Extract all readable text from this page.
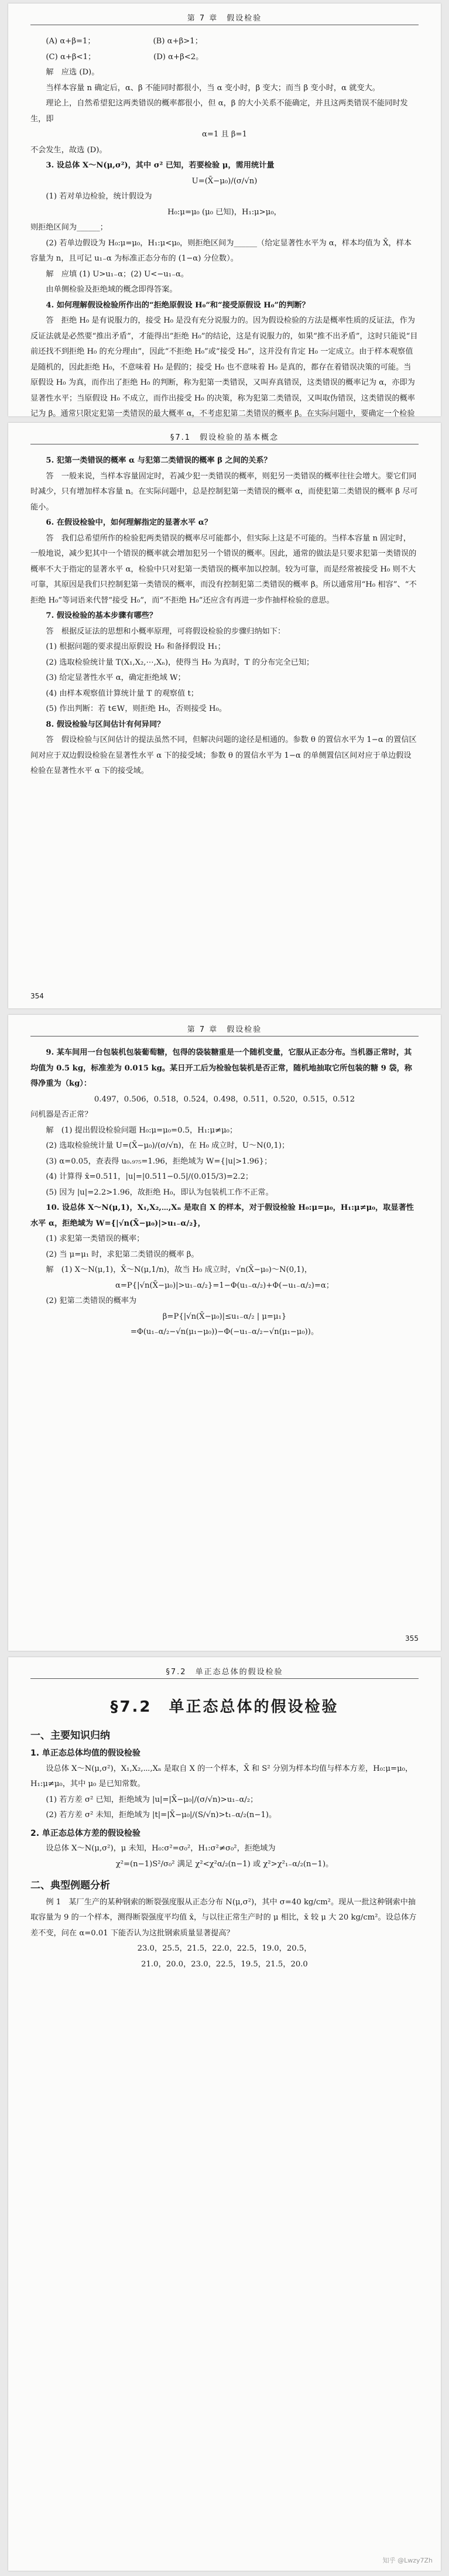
第 7 章　假设检验

(A) α+β=1；　　　　　　　　(B) α+β>1；

(C) α+β<1；　　　　　　　　(D) α+β<2。

解　应选 (D)。

当样本容量 n 确定后，α、β 不能同时都很小，当 α 变小时，β 变大；而当 β 变小时，α 就变大。

理论上，自然希望犯这两类错误的概率都很小，但 α，β 的大小关系不能确定，并且这两类错误不能同时发生，即

α=1 且 β=1

不会发生，故选 (D)。

3. 设总体 X～N(μ,σ²)，其中 σ² 已知，若要检验 μ，需用统计量

U=(X̄−μ₀)/(σ/√n)

(1) 若对单边检验，统计假设为

H₀:μ=μ₀ (μ₀ 已知)，H₁:μ>μ₀，

则拒绝区间为______；

(2) 若单边假设为 H₀:μ=μ₀，H₁:μ<μ₀，则拒绝区间为______（给定显著性水平为 α，样本均值为 X̄，样本容量为 n，且可记 u₁₋α 为标准正态分布的 (1−α) 分位数）。

解　应填 (1) U>u₁₋α；(2) U<−u₁₋α。

由单侧检验及拒绝域的概念即得答案。

4. 如何理解假设检验所作出的“拒绝原假设 H₀”和“接受原假设 H₀”的判断？

答　拒绝 H₀ 是有说服力的，接受 H₀ 是没有充分说服力的。因为假设检验的方法是概率性质的反证法，作为反证法就是必然要“推出矛盾”，才能得出“拒绝 H₀”的结论，这是有说服力的，如果“推不出矛盾”，这时只能说“目前还找不到拒绝 H₀ 的充分理由”，因此“不拒绝 H₀”或“接受 H₀”，这并没有肯定 H₀ 一定成立。由于样本观察值是随机的，因此拒绝 H₀，不意味着 H₀ 是假的；接受 H₀ 也不意味着 H₀ 是真的，都存在着错误决策的可能。当原假设 H₀ 为真，而作出了拒绝 H₀ 的判断，称为犯第一类错误，又叫弃真错误，这类错误的概率记为 α，亦即为显著性水平；当原假设 H₀ 不成立，而作出接受 H₀ 的决策，称为犯第二类错误，又叫取伪错误，这类错误的概率记为 β。通常只限定犯第一类错误的最大概率 α，不考虑犯第二类错误的概率 β。在实际问题中，要确定一个检验

§7.1　假设检验的基本概念

5. 犯第一类错误的概率 α 与犯第二类错误的概率 β 之间的关系？

答　一般来说，当样本容量固定时，若减少犯一类错误的概率，则犯另一类错误的概率往往会增大。要它们同时减少，只有增加样本容量 n。在实际问题中，总是控制犯第一类错误的概率 α，而使犯第二类错误的概率 β 尽可能小。

6. 在假设检验中，如何理解指定的显著水平 α？

答　我们总希望所作的检验犯两类错误的概率尽可能都小，但实际上这是不可能的。当样本容量 n 固定时，一般地说，减少犯其中一个错误的概率就会增加犯另一个错误的概率。因此，通常的做法是只要求犯第一类错误的概率不大于指定的显著水平 α，检验中只对犯第一类错误的概率加以控制。较为可靠，而是经常被接受 H₀ 则不大可靠，其原因是我们只控制犯第一类错误的概率，而没有控制犯第二类错误的概率 β。所以通常用“H₀ 相容”、“不拒绝 H₀”等词语来代替“接受 H₀”，而“不拒绝 H₀”还应含有再进一步作抽样检验的意思。

7. 假设检验的基本步骤有哪些？

答　根据反证法的思想和小概率原理，可将假设检验的步骤归纳如下：

(1) 根据问题的要求提出原假设 H₀ 和备择假设 H₁；

(2) 选取检验统计量 T(X₁,X₂,⋯,Xₙ)，使得当 H₀ 为真时，T 的分布完全已知；

(3) 给定显著性水平 α，确定拒绝域 W；

(4) 由样本观察值计算统计量 T 的观察值 t；

(5) 作出判断：若 t∈W，则拒绝 H₀，否则接受 H₀。

8. 假设检验与区间估计有何异同？

答　假设检验与区间估计的提法虽然不同，但解决问题的途径是相通的。参数 θ 的置信水平为 1−α 的置信区间对应于双边假设检验在显著性水平 α 下的接受域；参数 θ 的置信水平为 1−α 的单侧置信区间对应于单边假设检验在显著性水平 α 下的接受域。

354
第 7 章　假设检验

9. 某车间用一台包装机包装葡萄糖，包得的袋装糖重是一个随机变量，它服从正态分布。当机器正常时，其均值为 0.5 kg，标准差为 0.015 kg。某日开工后为检验包装机是否正常，随机地抽取它所包装的糖 9 袋，称得净重为（kg）：

0.497，0.506，0.518，0.524，0.498，0.511，0.520，0.515，0.512

问机器是否正常？

解　(1) 提出假设检验问题 H₀:μ=μ₀=0.5，H₁:μ≠μ₀；

(2) 选取检验统计量 U=(X̄−μ₀)/(σ/√n)，在 H₀ 成立时，U～N(0,1)；

(3) α=0.05，查表得 u₀.₉₇₅=1.96，拒绝域为 W={|u|>1.96}；

(4) 计算得 x̄=0.511，|u|=|0.511−0.5|/(0.015/3)=2.2；

(5) 因为 |u|=2.2>1.96，故拒绝 H₀，即认为包装机工作不正常。

10. 设总体 X～N(μ,1)，X₁,X₂,⋯,Xₙ 是取自 X 的样本，对于假设检验 H₀:μ=μ₀，H₁:μ≠μ₀，取显著性水平 α，拒绝域为 W={|√n(X̄−μ₀)|>u₁₋α/₂}，

(1) 求犯第一类错误的概率；

(2) 当 μ=μ₁ 时，求犯第二类错误的概率 β。

解　(1) X～N(μ,1)，X̄～N(μ,1/n)，故当 H₀ 成立时，√n(X̄−μ₀)～N(0,1)，

α=P{|√n(X̄−μ₀)|>u₁₋α/₂}=1−Φ(u₁₋α/₂)+Φ(−u₁₋α/₂)=α；

(2) 犯第二类错误的概率为

β=P{|√n(X̄−μ₀)|≤u₁₋α/₂ | μ=μ₁}

=Φ(u₁₋α/₂−√n(μ₁−μ₀))−Φ(−u₁₋α/₂−√n(μ₁−μ₀))。

355
§7.2　单正态总体的假设检验
§7.2　单正态总体的假设检验
一、主要知识归纳
1. 单正态总体均值的假设检验

设总体 X～N(μ,σ²)，X₁,X₂,⋯,Xₙ 是取自 X 的一个样本，X̄ 和 S² 分别为样本均值与样本方差，H₀:μ=μ₀，H₁:μ≠μ₀，其中 μ₀ 是已知常数。

(1) 若方差 σ² 已知，拒绝域为 |u|=|X̄−μ₀|/(σ/√n)>u₁₋α/₂；

(2) 若方差 σ² 未知，拒绝域为 |t|=|X̄−μ₀|/(S/√n)>t₁₋α/₂(n−1)。

2. 单正态总体方差的假设检验

设总体 X～N(μ,σ²)，μ 未知，H₀:σ²=σ₀²，H₁:σ²≠σ₀²，拒绝域为

χ²=(n−1)S²/σ₀² 满足 χ²<χ²α/₂(n−1) 或 χ²>χ²₁₋α/₂(n−1)。

二、典型例题分析

例 1　某厂生产的某种钢索的断裂强度服从正态分布 N(μ,σ²)，其中 σ=40 kg/cm²。现从一批这种钢索中抽取容量为 9 的一个样本，测得断裂强度平均值 x̄，与以往正常生产时的 μ 相比，x̄ 较 μ 大 20 kg/cm²。设总体方差不变，问在 α=0.01 下能否认为这批钢索质量显著提高？

23.0，25.5，21.5，22.0，22.5，19.0，20.5，

21.0，20.0，23.0，22.5，19.5，21.5，20.0

知乎 @Lwzy7Zh
